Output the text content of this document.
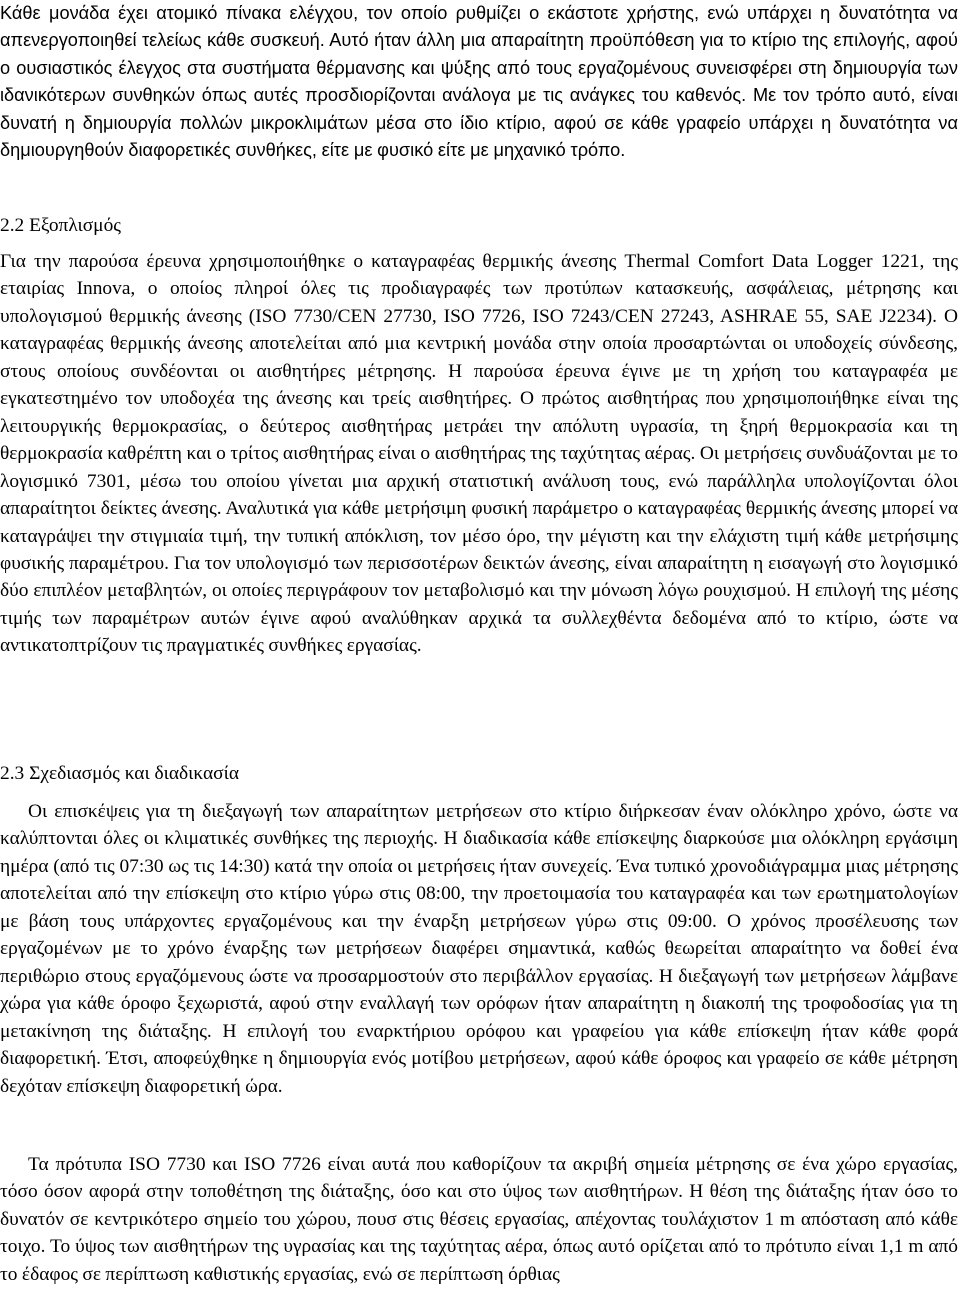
Κάθε μονάδα έχει ατομικό πίνακα ελέγχου, τον οποίο ρυθμίζει ο εκάστοτε χρήστης, ενώ υπάρχει η δυνατότητα να απενεργοποιηθεί τελείως κάθε συσκευή. Αυτό ήταν άλλη μια απαραίτητη προϋπόθεση για το κτίριο της επιλογής, αφού ο ουσιαστικός έλεγχος στα συστήματα θέρμανσης και ψύξης από τους εργαζομένους συνεισφέρει στη δημιουργία των ιδανικότερων συνθηκών όπως αυτές προσδιορίζονται ανάλογα με τις ανάγκες του καθενός. Με τον τρόπο αυτό, είναι δυνατή η δημιουργία πολλών μικροκλιμάτων μέσα στο ίδιο κτίριο, αφού σε κάθε γραφείο υπάρχει η δυνατότητα να δημιουργηθούν διαφορετικές συνθήκες, είτε με φυσικό είτε με μηχανικό τρόπο.

2.2 Εξοπλισμός

Για την παρούσα έρευνα χρησιμοποιήθηκε ο καταγραφέας θερμικής άνεσης Thermal Comfort Data Logger 1221, της εταιρίας Innova, ο οποίος πληροί όλες τις προδιαγραφές των προτύπων κατασκευής, ασφάλειας, μέτρησης και υπολογισμού θερμικής άνεσης (ISO 7730/CEN 27730, ISO 7726, ISO 7243/CEN 27243, ASHRAE 55, SAE J2234). Ο καταγραφέας θερμικής άνεσης αποτελείται από μια κεντρική μονάδα στην οποία προσαρτώνται οι υποδοχείς σύνδεσης, στους οποίους συνδέονται οι αισθητήρες μέτρησης. Η παρούσα έρευνα έγινε με τη χρήση του καταγραφέα με εγκατεστημένο τον υποδοχέα της άνεσης και τρείς αισθητήρες. Ο πρώτος αισθητήρας που χρησιμοποιήθηκε είναι της λειτουργικής θερμοκρασίας, ο δεύτερος αισθητήρας μετράει την απόλυτη υγρασία, τη ξηρή θερμοκρασία και τη θερμοκρασία καθρέπτη και ο τρίτος αισθητήρας είναι ο αισθητήρας της ταχύτητας αέρας. Οι μετρήσεις συνδυάζονται με το λογισμικό 7301, μέσω του οποίου γίνεται μια αρχική στατιστική ανάλυση τους, ενώ παράλληλα υπολογίζονται όλοι απαραίτητοι δείκτες άνεσης. Αναλυτικά για κάθε μετρήσιμη φυσική παράμετρο ο καταγραφέας θερμικής άνεσης μπορεί να καταγράψει την στιγμιαία τιμή, την τυπική απόκλιση, τον μέσο όρο, την μέγιστη και την ελάχιστη τιμή κάθε μετρήσιμης φυσικής παραμέτρου. Για τον υπολογισμό των περισσοτέρων δεικτών άνεσης, είναι απαραίτητη η εισαγωγή στο λογισμικό δύο επιπλέον μεταβλητών, οι οποίες περιγράφουν τον μεταβολισμό και την μόνωση λόγω ρουχισμού. Η επιλογή της μέσης τιμής των παραμέτρων αυτών έγινε αφού αναλύθηκαν αρχικά τα συλλεχθέντα δεδομένα από το κτίριο, ώστε να αντικατοπτρίζουν τις πραγματικές συνθήκες εργασίας.

2.3 Σχεδιασμός και διαδικασία

Οι επισκέψεις για τη διεξαγωγή των απαραίτητων μετρήσεων στο κτίριο διήρκεσαν έναν ολόκληρο χρόνο, ώστε να καλύπτονται όλες οι κλιματικές συνθήκες της περιοχής. Η διαδικασία κάθε επίσκεψης διαρκούσε μια ολόκληρη εργάσιμη ημέρα (από τις 07:30 ως τις 14:30) κατά την οποία οι μετρήσεις ήταν συνεχείς. Ένα τυπικό χρονοδιάγραμμα μιας μέτρησης αποτελείται από την επίσκεψη στο κτίριο γύρω στις 08:00, την προετοιμασία του καταγραφέα και των ερωτηματολογίων με βάση τους υπάρχοντες εργαζομένους και την έναρξη μετρήσεων γύρω στις 09:00. Ο χρόνος προσέλευσης των εργαζομένων με το χρόνο έναρξης των μετρήσεων διαφέρει σημαντικά, καθώς θεωρείται απαραίτητο να δοθεί ένα περιθώριο στους εργαζόμενους ώστε να προσαρμοστούν στο περιβάλλον εργασίας. Η διεξαγωγή των μετρήσεων λάμβανε χώρα για κάθε όροφο ξεχωριστά, αφού στην εναλλαγή των ορόφων ήταν απαραίτητη η διακοπή της τροφοδοσίας για τη μετακίνηση της διάταξης. Η επιλογή του εναρκτήριου ορόφου και γραφείου για κάθε επίσκεψη ήταν κάθε φορά διαφορετική. Έτσι, αποφεύχθηκε η δημιουργία ενός μοτίβου μετρήσεων, αφού κάθε όροφος και γραφείο σε κάθε μέτρηση δεχόταν επίσκεψη διαφορετική ώρα.

Τα πρότυπα ISO 7730 και ISO 7726 είναι αυτά που καθορίζουν τα ακριβή σημεία μέτρησης σε ένα χώρο εργασίας, τόσο όσον αφορά στην τοποθέτηση της διάταξης, όσο και στο ύψος των αισθητήρων. Η θέση της διάταξης ήταν όσο το δυνατόν σε κεντρικότερο σημείο του χώρου, πουσ στις θέσεις εργασίας, απέχοντας τουλάχιστον 1 m απόσταση από κάθε τοιχο. Το ύψος των αισθητήρων της υγρασίας και της ταχύτητας αέρα, όπως αυτό ορίζεται από το πρότυπο είναι 1,1 m από το έδαφος σε περίπτωση καθιστικής εργασίας, ενώ σε περίπτωση όρθιας
